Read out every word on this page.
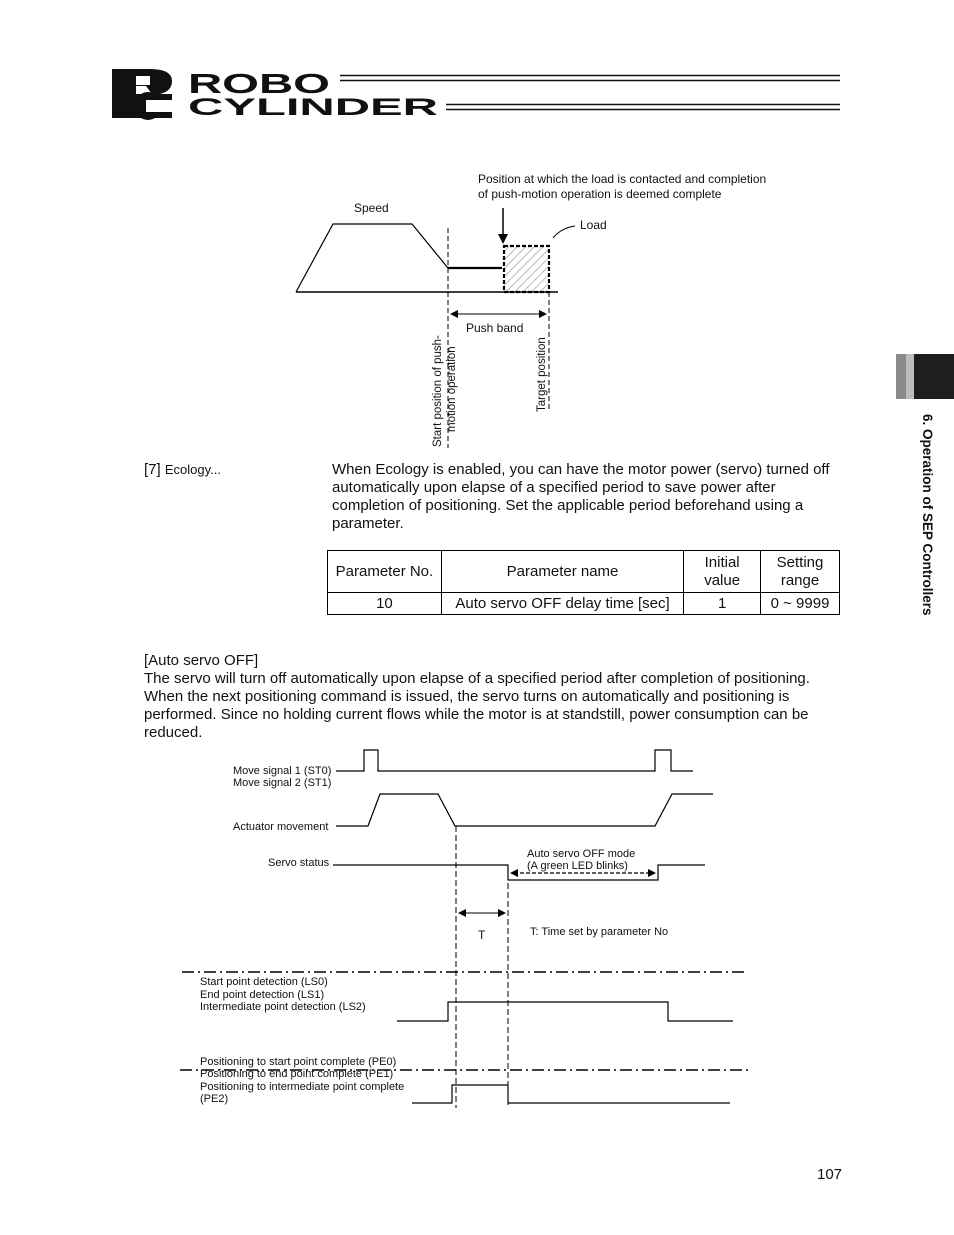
ROBO
CYLINDER
6. Operation of SEP Controllers
Position at which the load is contacted and completion
of push-motion operation is deemed complete
Speed
Load
Push band
Start position of push- motion operation	Target position
[7] Ecology...	When Ecology is enabled, you can have the motor power (servo) turned off automatically upon elapse of a specified period to save power after completion of positioning. Set the applicable period beforehand using a parameter.
Parameter No.	Parameter name	Initial value	Setting range
10	Auto servo OFF delay time [sec]	1	0 ~ 9999
[Auto servo OFF]
The servo will turn off automatically upon elapse of a specified period after completion of positioning. When the next positioning command is issued, the servo turns on automatically and positioning is performed. Since no holding current flows while the motor is at standstill, power consumption can be reduced.
Move signal 1 (ST0)
Move signal 2 (ST1)
Actuator movement
Servo status
Auto servo OFF mode
(A green LED blinks)
T	T: Time set by parameter No
Start point detection (LS0)
End point detection (LS1)
Intermediate point detection (LS2)
Positioning to start point complete (PE0)
Positioning to end point complete (PE1)
Positioning to intermediate point complete
(PE2)
107
